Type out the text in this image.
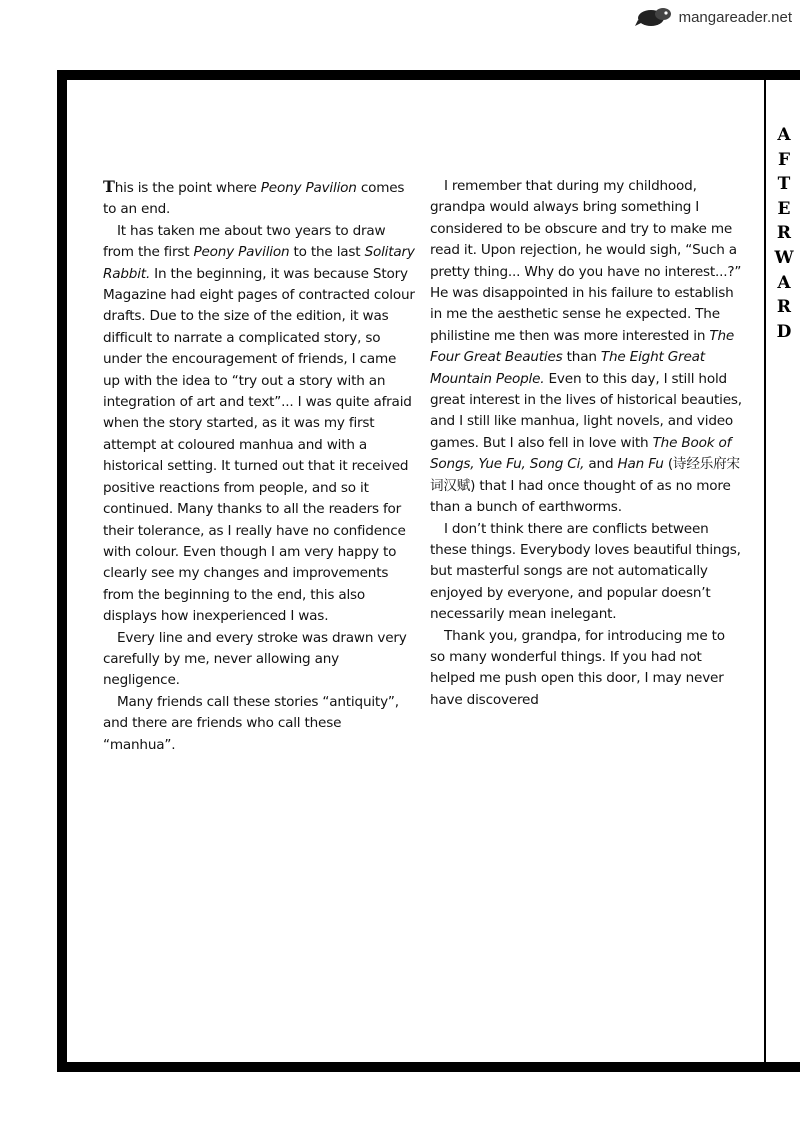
mangareader.net
A
F
T
E
R
W
A
R
D

This is the point where Peony Pavilion comes to an end.

It has taken me about two years to draw from the first Peony Pavilion to the last Solitary Rabbit. In the beginning, it was because Story Magazine had eight pages of contracted colour drafts. Due to the size of the edition, it was difficult to narrate a complicated story, so under the encouragement of friends, I came up with the idea to “try out a story with an integration of art and text”... I was quite afraid when the story started, as it was my first attempt at coloured manhua and with a historical setting. It turned out that it received positive reactions from people, and so it continued. Many thanks to all the readers for their tolerance, as I really have no confidence with colour. Even though I am very happy to clearly see my changes and improvements from the beginning to the end, this also displays how inexperienced I was.

Every line and every stroke was drawn very carefully by me, never allowing any negligence.

Many friends call these stories “antiquity”, and there are friends who call these “manhua”.

I remember that during my childhood, grandpa would always bring something I considered to be obscure and try to make me read it. Upon rejection, he would sigh, “Such a pretty thing... Why do you have no interest...?” He was disappointed in his failure to establish in me the aesthetic sense he expected. The philistine me then was more interested in The Four Great Beauties than The Eight Great Mountain People. Even to this day, I still hold great interest in the lives of historical beauties, and I still like manhua, light novels, and video games. But I also fell in love with The Book of Songs, Yue Fu, Song Ci, and Han Fu (诗经乐府宋词汉赋) that I had once thought of as no more than a bunch of earthworms.

I don’t think there are conflicts between these things. Everybody loves beautiful things, but masterful songs are not automatically enjoyed by everyone, and popular doesn’t necessarily mean inelegant.

Thank you, grandpa, for introducing me to so many wonderful things. If you had not helped me push open this door, I may never have discovered
